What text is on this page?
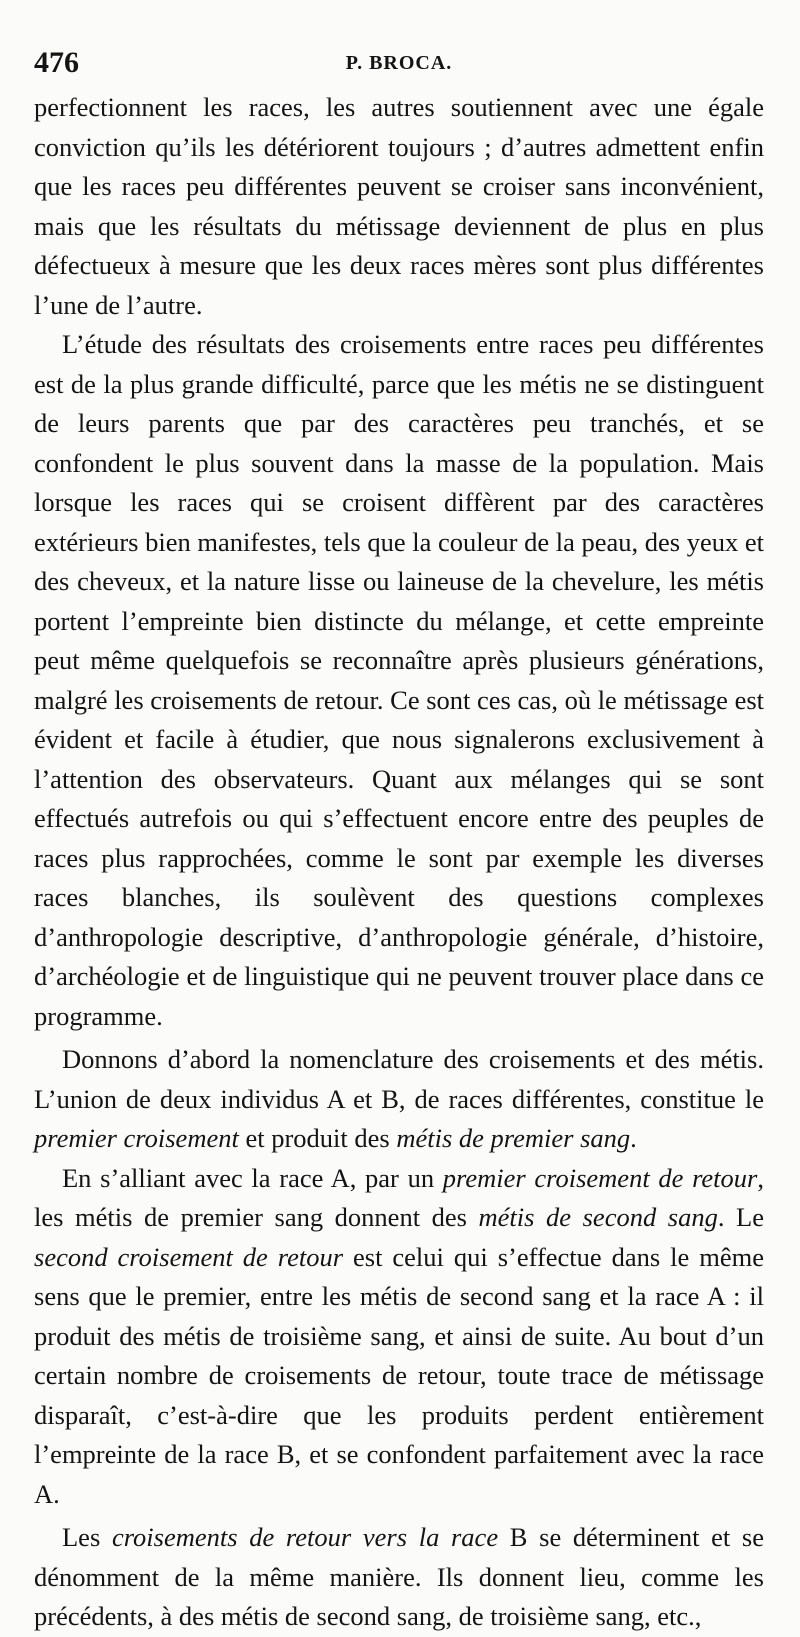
476	P. BROCA.

perfectionnent les races, les autres soutiennent avec une égale conviction qu’ils les détériorent toujours ; d’autres admettent enfin que les races peu différentes peuvent se croiser sans inconvénient, mais que les résultats du métissage deviennent de plus en plus défectueux à mesure que les deux races mères sont plus différentes l’une de l’autre.

L’étude des résultats des croisements entre races peu différentes est de la plus grande difficulté, parce que les métis ne se distinguent de leurs parents que par des caractères peu tranchés, et se confondent le plus souvent dans la masse de la population. Mais lorsque les races qui se croisent diffèrent par des caractères extérieurs bien manifestes, tels que la couleur de la peau, des yeux et des cheveux, et la nature lisse ou laineuse de la chevelure, les métis portent l’empreinte bien distincte du mélange, et cette empreinte peut même quelquefois se reconnaître après plusieurs générations, malgré les croisements de retour. Ce sont ces cas, où le métissage est évident et facile à étudier, que nous signalerons exclusivement à l’attention des observateurs. Quant aux mélanges qui se sont effectués autrefois ou qui s’effectuent encore entre des peuples de races plus rapprochées, comme le sont par exemple les diverses races blanches, ils soulèvent des questions complexes d’anthropologie descriptive, d’anthropologie générale, d’histoire, d’archéologie et de linguistique qui ne peuvent trouver place dans ce programme.

Donnons d’abord la nomenclature des croisements et des métis. L’union de deux individus A et B, de races différentes, constitue le premier croisement et produit des métis de premier sang.

En s’alliant avec la race A, par un premier croisement de retour, les métis de premier sang donnent des métis de second sang. Le second croisement de retour est celui qui s’effectue dans le même sens que le premier, entre les métis de second sang et la race A : il produit des métis de troisième sang, et ainsi de suite. Au bout d’un certain nombre de croisements de retour, toute trace de métissage disparaît, c’est-à-dire que les produits perdent entièrement l’empreinte de la race B, et se confondent parfaitement avec la race A.

Les croisements de retour vers la race B se déterminent et se dénomment de la même manière. Ils donnent lieu, comme les précédents, à des métis de second sang, de troisième sang, etc.,
